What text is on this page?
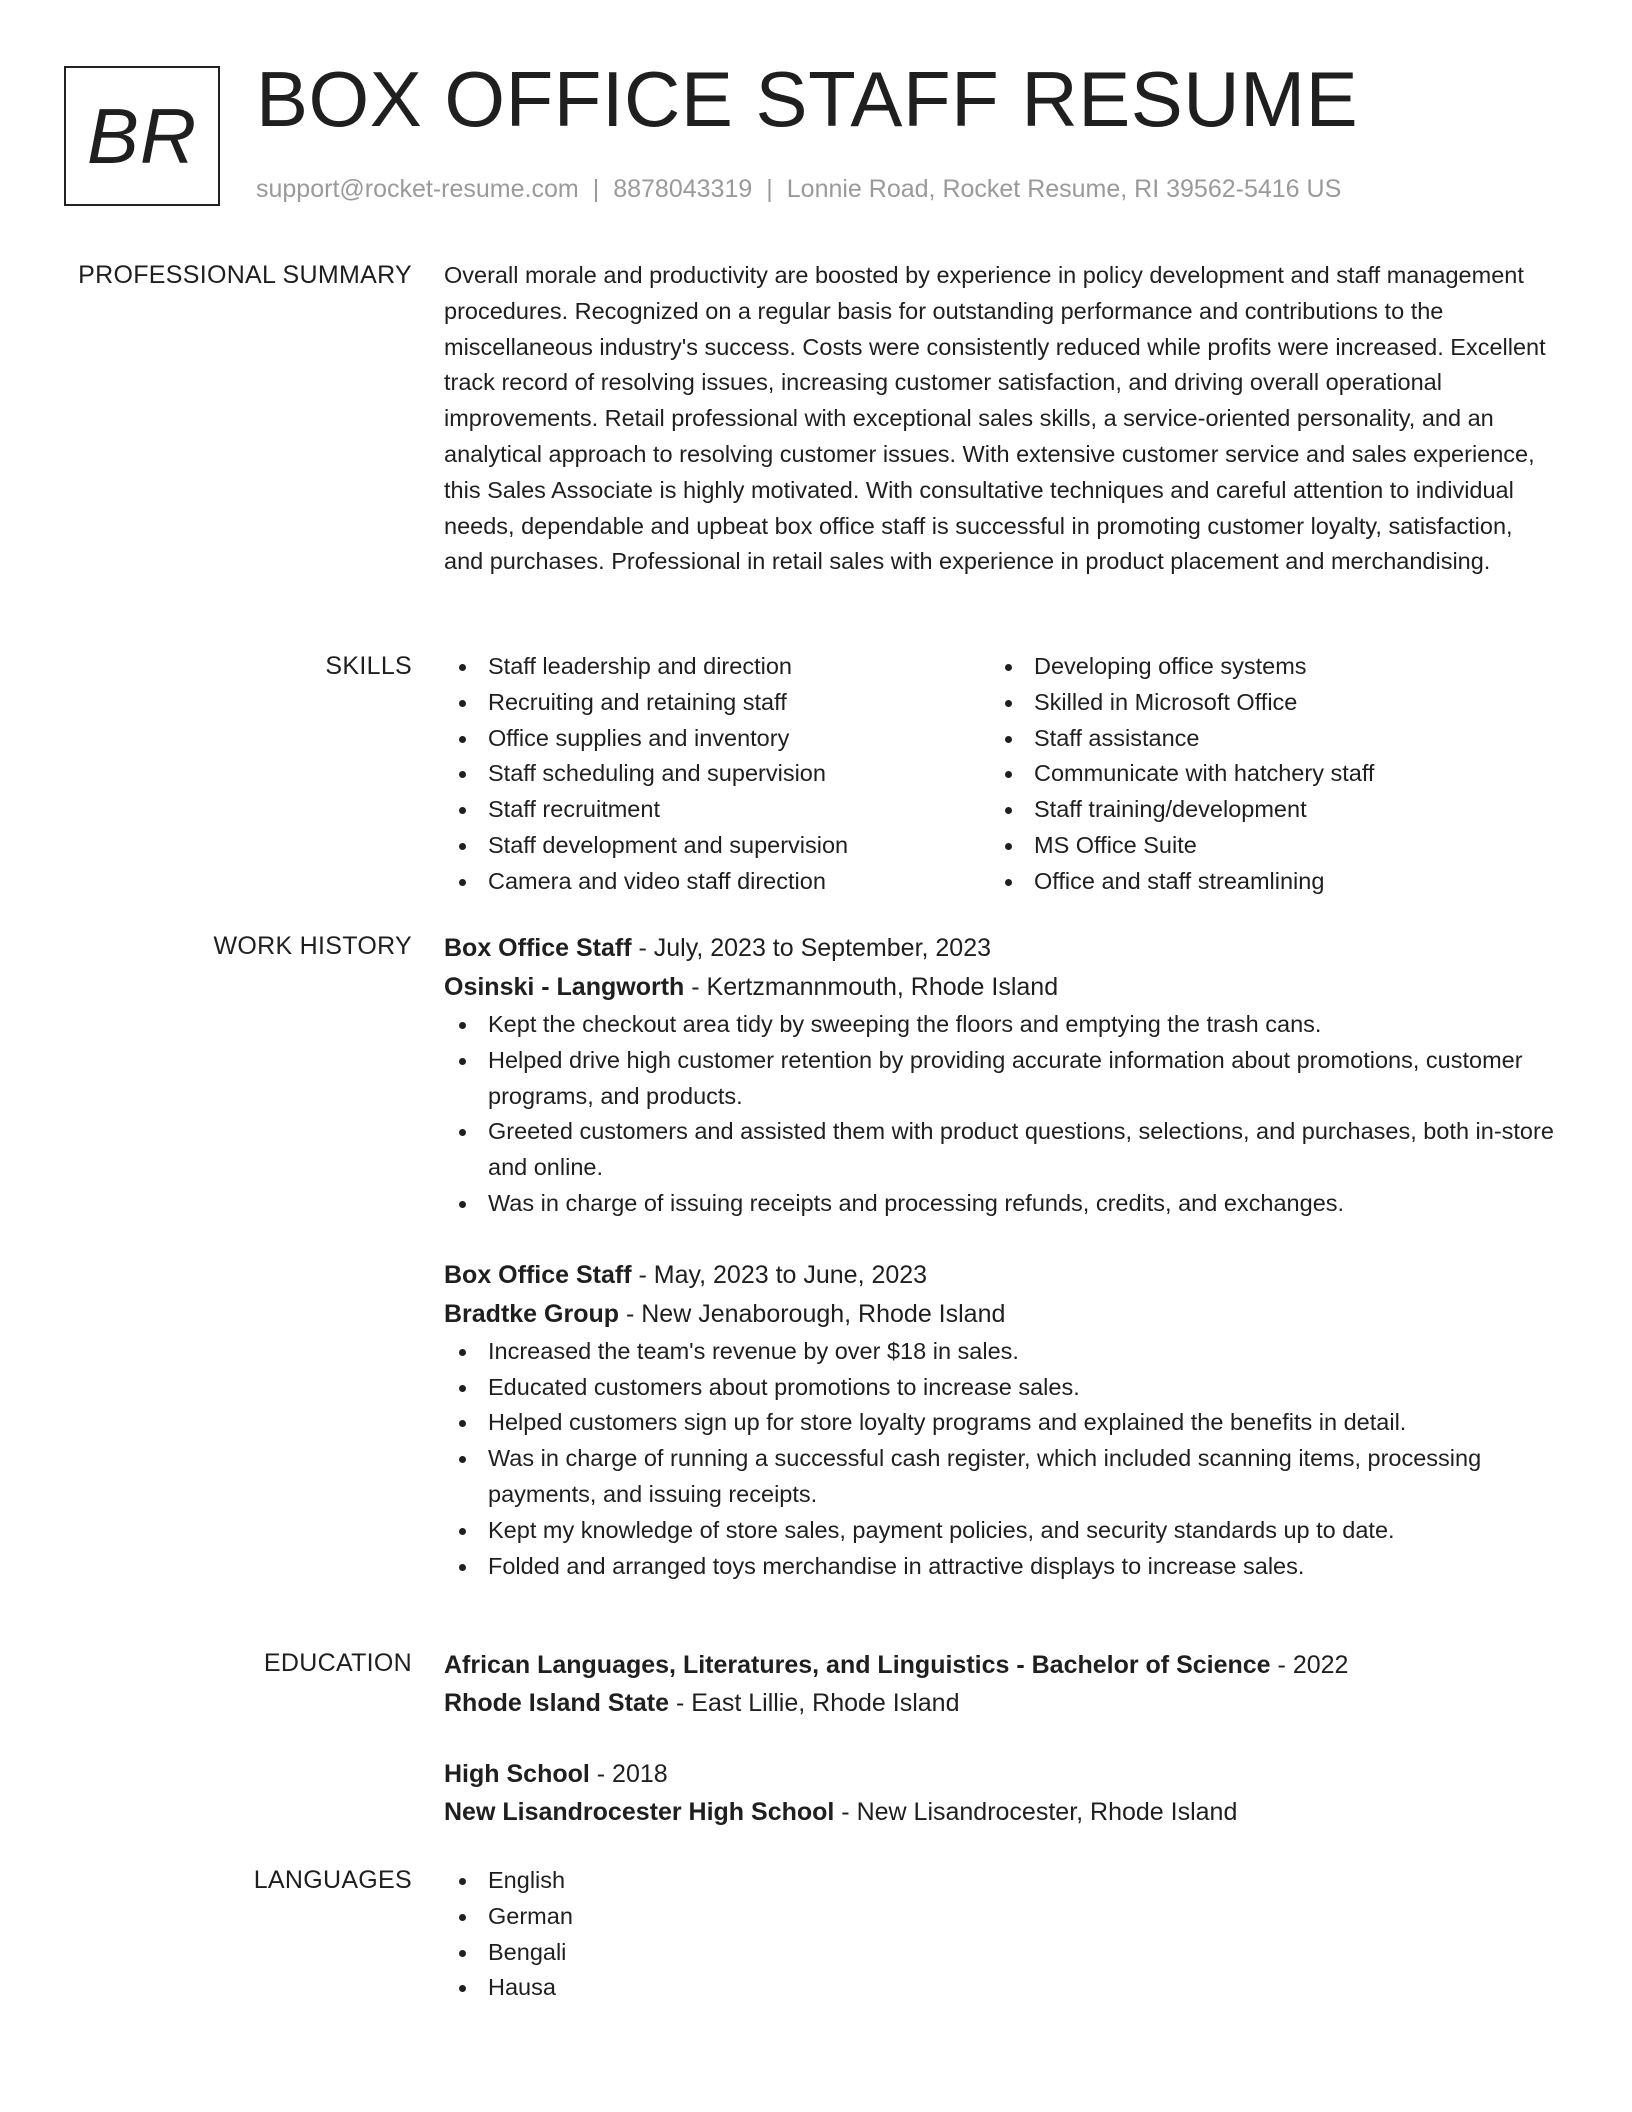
BR BOX OFFICE STAFF RESUME
support@rocket-resume.com | 8878043319 | Lonnie Road, Rocket Resume, RI 39562-5416 US
PROFESSIONAL SUMMARY Overall morale and productivity are boosted by experience in policy development and staff management procedures. Recognized on a regular basis for outstanding performance and contributions to the miscellaneous industry's success. Costs were consistently reduced while profits were increased. Excellent track record of resolving issues, increasing customer satisfaction, and driving overall operational improvements. Retail professional with exceptional sales skills, a service-oriented personality, and an analytical approach to resolving customer issues. With extensive customer service and sales experience, this Sales Associate is highly motivated. With consultative techniques and careful attention to individual needs, dependable and upbeat box office staff is successful in promoting customer loyalty, satisfaction, and purchases. Professional in retail sales with experience in product placement and merchandising.

SKILLS	Staff leadership and direction
Recruiting and retaining staff
Office supplies and inventory
Staff scheduling and supervision
Staff recruitment
Staff development and supervision
Camera and video staff direction
Developing office systems
Skilled in Microsoft Office
Staff assistance
Communicate with hatchery staff
Staff training/development
MS Office Suite
Office and staff streamlining
WORK HISTORY Box Office Staff - July, 2023 to September, 2023
Osinski - Langworth - Kertzmannmouth, Rhode Island
Kept the checkout area tidy by sweeping the floors and emptying the trash cans.
Helped drive high customer retention by providing accurate information about promotions, customer programs, and products.
Greeted customers and assisted them with product questions, selections, and purchases, both in-store and online.
Was in charge of issuing receipts and processing refunds, credits, and exchanges.
Box Office Staff - May, 2023 to June, 2023
Bradtke Group - New Jenaborough, Rhode Island
Increased the team's revenue by over $18 in sales.
Educated customers about promotions to increase sales.
Helped customers sign up for store loyalty programs and explained the benefits in detail.
Was in charge of running a successful cash register, which included scanning items, processing payments, and issuing receipts.
Kept my knowledge of store sales, payment policies, and security standards up to date.
Folded and arranged toys merchandise in attractive displays to increase sales.
EDUCATION African Languages, Literatures, and Linguistics - Bachelor of Science - 2022
Rhode Island State - East Lillie, Rhode Island
High School - 2018
New Lisandrocester High School - New Lisandrocester, Rhode Island
LANGUAGES	English
German
Bengali
Hausa
